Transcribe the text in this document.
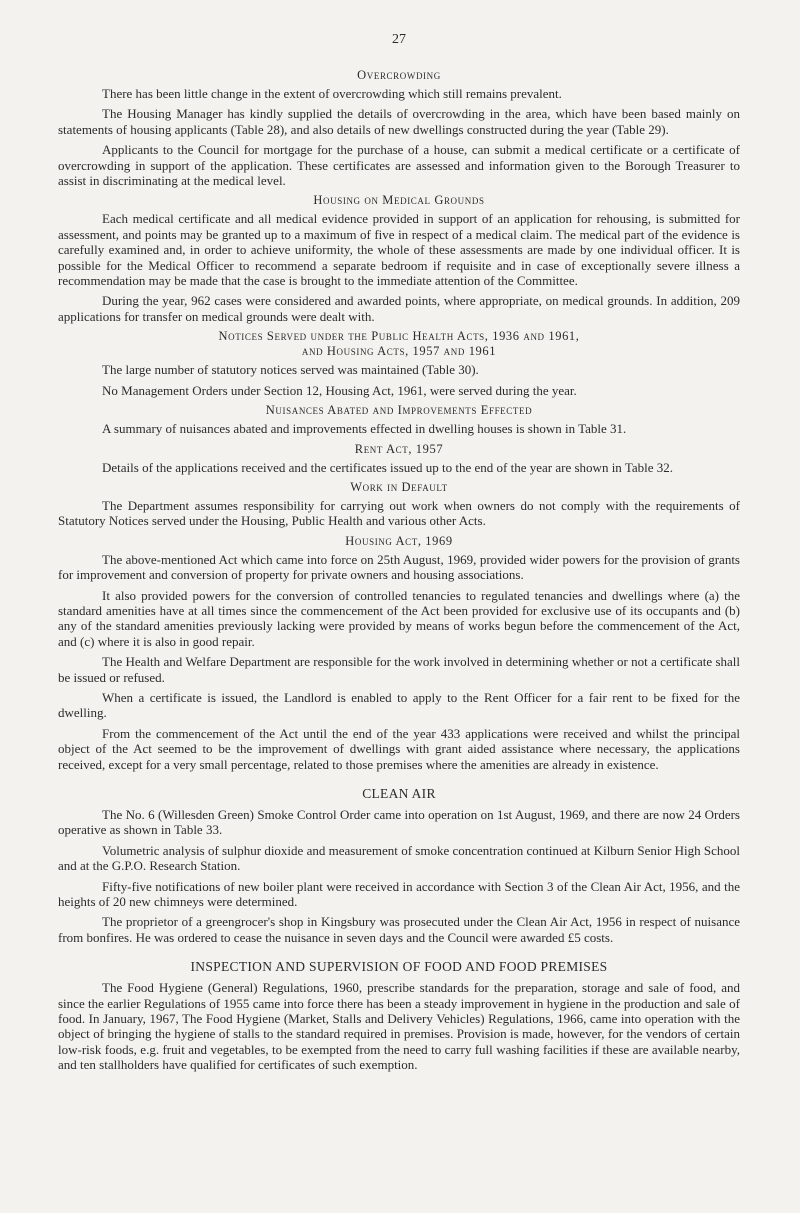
27
Overcrowding

There has been little change in the extent of overcrowding which still remains prevalent.

The Housing Manager has kindly supplied the details of overcrowding in the area, which have been based mainly on statements of housing applicants (Table 28), and also details of new dwellings constructed during the year (Table 29).

Applicants to the Council for mortgage for the purchase of a house, can submit a medical certificate or a certificate of overcrowding in support of the application. These certificates are assessed and information given to the Borough Treasurer to assist in discriminating at the medical level.

Housing on Medical Grounds

Each medical certificate and all medical evidence provided in support of an application for rehousing, is submitted for assessment, and points may be granted up to a maximum of five in respect of a medical claim. The medical part of the evidence is carefully examined and, in order to achieve uniformity, the whole of these assessments are made by one individual officer. It is possible for the Medical Officer to recommend a separate bedroom if requisite and in case of exceptionally severe illness a recommendation may be made that the case is brought to the immediate attention of the Committee.

During the year, 962 cases were considered and awarded points, where appropriate, on medical grounds. In addition, 209 applications for transfer on medical grounds were dealt with.

Notices Served under the Public Health Acts, 1936 and 1961,
and Housing Acts, 1957 and 1961

The large number of statutory notices served was maintained (Table 30).

No Management Orders under Section 12, Housing Act, 1961, were served during the year.

Nuisances Abated and Improvements Effected

A summary of nuisances abated and improvements effected in dwelling houses is shown in Table 31.

Rent Act, 1957

Details of the applications received and the certificates issued up to the end of the year are shown in Table 32.

Work in Default

The Department assumes responsibility for carrying out work when owners do not comply with the requirements of Statutory Notices served under the Housing, Public Health and various other Acts.

Housing Act, 1969

The above-mentioned Act which came into force on 25th August, 1969, provided wider powers for the provision of grants for improvement and conversion of property for private owners and housing associations.

It also provided powers for the conversion of controlled tenancies to regulated tenancies and dwellings where (a) the standard amenities have at all times since the commencement of the Act been provided for exclusive use of its occupants and (b) any of the standard amenities previously lacking were provided by means of works begun before the commencement of the Act, and (c) where it is also in good repair.

The Health and Welfare Department are responsible for the work involved in determining whether or not a certificate shall be issued or refused.

When a certificate is issued, the Landlord is enabled to apply to the Rent Officer for a fair rent to be fixed for the dwelling.

From the commencement of the Act until the end of the year 433 applications were received and whilst the principal object of the Act seemed to be the improvement of dwellings with grant aided assistance where necessary, the applications received, except for a very small percentage, related to those premises where the amenities are already in existence.

CLEAN AIR

The No. 6 (Willesden Green) Smoke Control Order came into operation on 1st August, 1969, and there are now 24 Orders operative as shown in Table 33.

Volumetric analysis of sulphur dioxide and measurement of smoke concentration continued at Kilburn Senior High School and at the G.P.O. Research Station.

Fifty-five notifications of new boiler plant were received in accordance with Section 3 of the Clean Air Act, 1956, and the heights of 20 new chimneys were determined.

The proprietor of a greengrocer's shop in Kingsbury was prosecuted under the Clean Air Act, 1956 in respect of nuisance from bonfires. He was ordered to cease the nuisance in seven days and the Council were awarded £5 costs.

INSPECTION AND SUPERVISION OF FOOD AND FOOD PREMISES

The Food Hygiene (General) Regulations, 1960, prescribe standards for the preparation, storage and sale of food, and since the earlier Regulations of 1955 came into force there has been a steady improvement in hygiene in the production and sale of food. In January, 1967, The Food Hygiene (Market, Stalls and Delivery Vehicles) Regulations, 1966, came into operation with the object of bringing the hygiene of stalls to the standard required in premises. Provision is made, however, for the vendors of certain low-risk foods, e.g. fruit and vegetables, to be exempted from the need to carry full washing facilities if these are available nearby, and ten stallholders have qualified for certificates of such exemption.
